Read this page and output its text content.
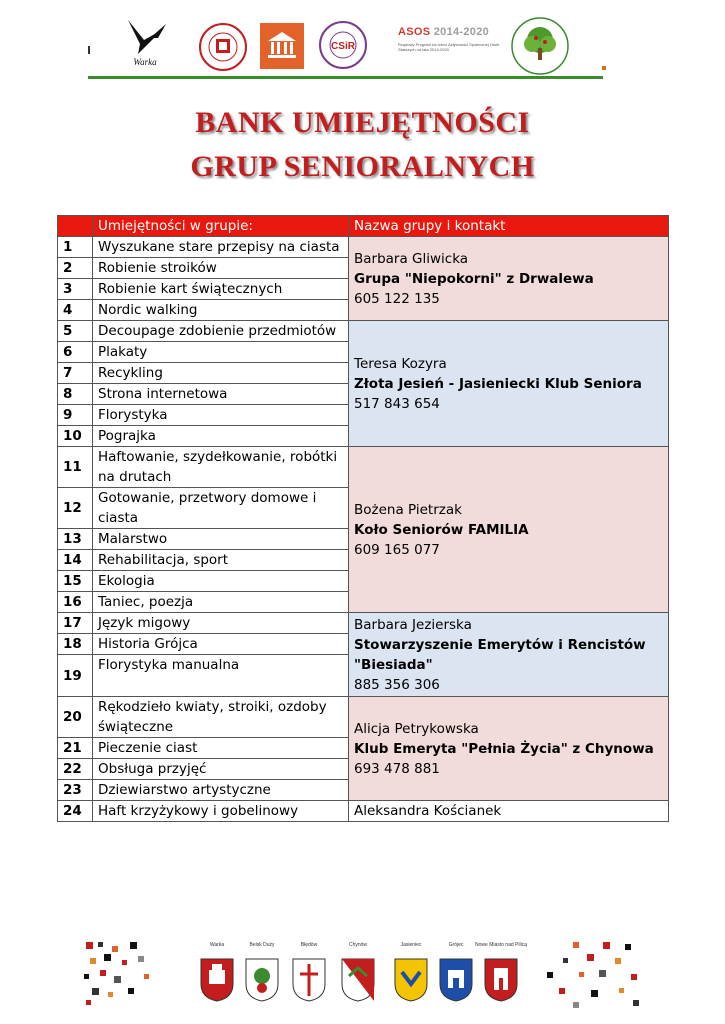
Warka
CSiR
ASOS 2014-2020
Rządowy Program na rzecz Aktywności Społecznej Osób Starszych na lata 2014-2020
BANK UMIEJĘTNOŚCI
GRUP SENIORALNYCH
	Umiejętności w grupie:	Nazwa grupy i kontakt
1	Wyszukane stare przepisy na ciasta	Barbara Gliwicka
Grupa "Niepokorni" z Drwalewa
605 122 135

2	Robienie stroików	
3	Robienie kart świątecznych	
4	Nordic walking	
5	Decoupage zdobienie przedmiotów	Teresa Kozyra
Złota Jesień - Jasieniecki Klub Seniora
517 843 654

6	Plakaty	
7	Recykling	
8	Strona internetowa	
9	Florystyka	
10	Pograjka	
11	Haftowanie, szydełkowanie, robótki na drutach	Bożena Pietrzak
Koło Seniorów FAMILIA
609 165 077

12	Gotowanie, przetwory domowe i ciasta	
13	Malarstwo	
14	Rehabilitacja, sport	
15	Ekologia	
16	Taniec, poezja	
17	Język migowy	Barbara Jezierska
Stowarzyszenie Emerytów i Rencistów "Biesiada"
885 356 306

18	Historia Grójca	
19	Florystyka manualna	
20	Rękodzieło kwiaty, stroiki, ozdoby świąteczne	Alicja Petrykowska
Klub Emeryta "Pełnia Życia" z Chynowa
693 478 881

21	Pieczenie ciast	
22	Obsługa przyjęć	
23	Dziewiarstwo artystyczne	
24	Haft krzyżykowy i gobelinowy	Aleksandra Kościanek
Warka	Belsk Duży	Błędów	Chynów	Jasieniec	Grójec	Nowe Miasto nad Pilicą
